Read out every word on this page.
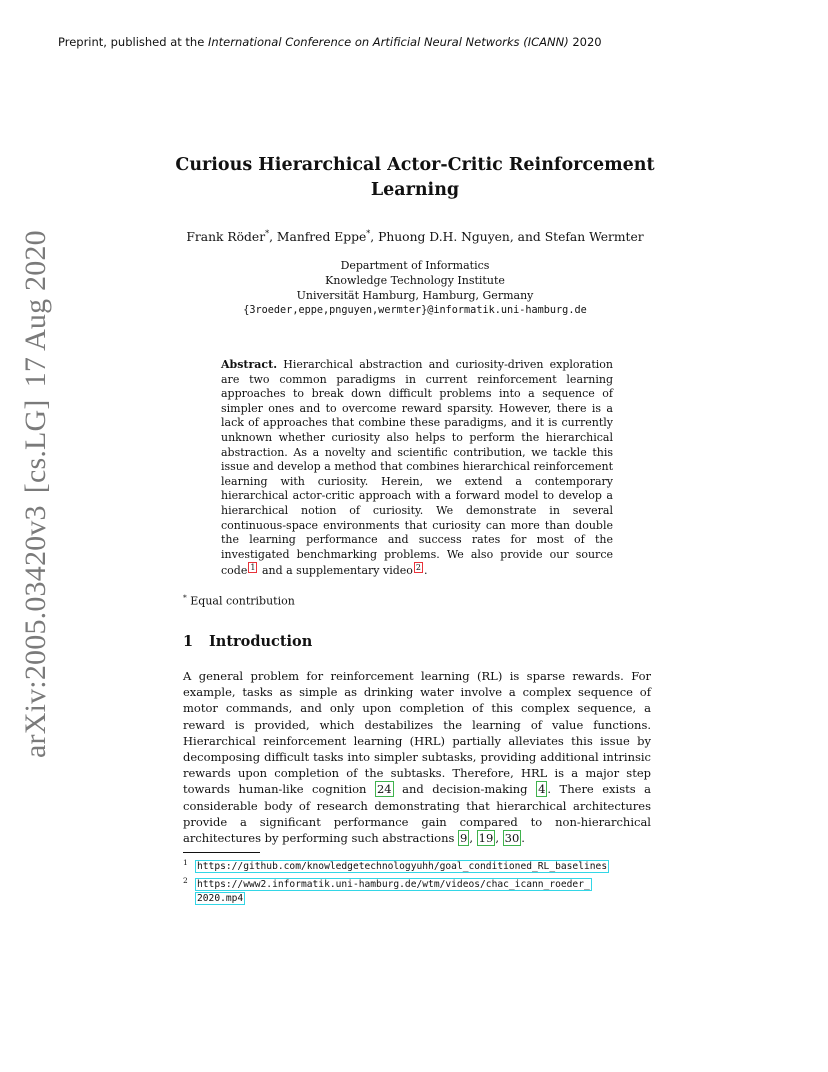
Preprint, published at the International Conference on Artificial Neural Networks (ICANN) 2020
arXiv:2005.03420v3[cs.LG]17 Aug 2020
Curious Hierarchical Actor-Critic Reinforcement Learning
Frank Röder*, Manfred Eppe*, Phuong D.H. Nguyen, and Stefan Wermter
Department of Informatics
Knowledge Technology Institute
Universität Hamburg, Hamburg, Germany
{3roeder,eppe,pnguyen,wermter}@informatik.uni-hamburg.de

Abstract. Hierarchical abstraction and curiosity-driven exploration are two common paradigms in current reinforcement learning approaches to break down difficult problems into a sequence of simpler ones and to overcome reward sparsity. However, there is a lack of approaches that combine these paradigms, and it is currently unknown whether curiosity also helps to perform the hierarchical abstraction. As a novelty and scientific contribution, we tackle this issue and develop a method that combines hierarchical reinforcement learning with curiosity. Herein, we extend a contemporary hierarchical actor-critic approach with a forward model to develop a hierarchical notion of curiosity. We demonstrate in several continuous-space environments that curiosity can more than double the learning performance and success rates for most of the investigated benchmarking problems. We also provide our source code 1 and a supplementary video 2 .

* Equal contribution
1 Introduction

A general problem for reinforcement learning (RL) is sparse rewards. For example, tasks as simple as drinking water involve a complex sequence of motor commands, and only upon completion of this complex sequence, a reward is provided, which destabilizes the learning of value functions. Hierarchical reinforcement learning (HRL) partially alleviates this issue by decomposing difficult tasks into simpler subtasks, providing additional intrinsic rewards upon completion of the subtasks. Therefore, HRL is a major step towards human-like cognition 24 and decision-making 4 . There exists a considerable body of research demonstrating that hierarchical architectures provide a significant performance gain compared to non-hierarchical architectures by performing such abstractions 9 , 19 , 30 .

1 https://github.com/knowledgetechnologyuhh/goal_conditioned_RL_baselines
2 https://www2.informatik.uni-hamburg.de/wtm/videos/chac_icann_roeder_
2020.mp4
